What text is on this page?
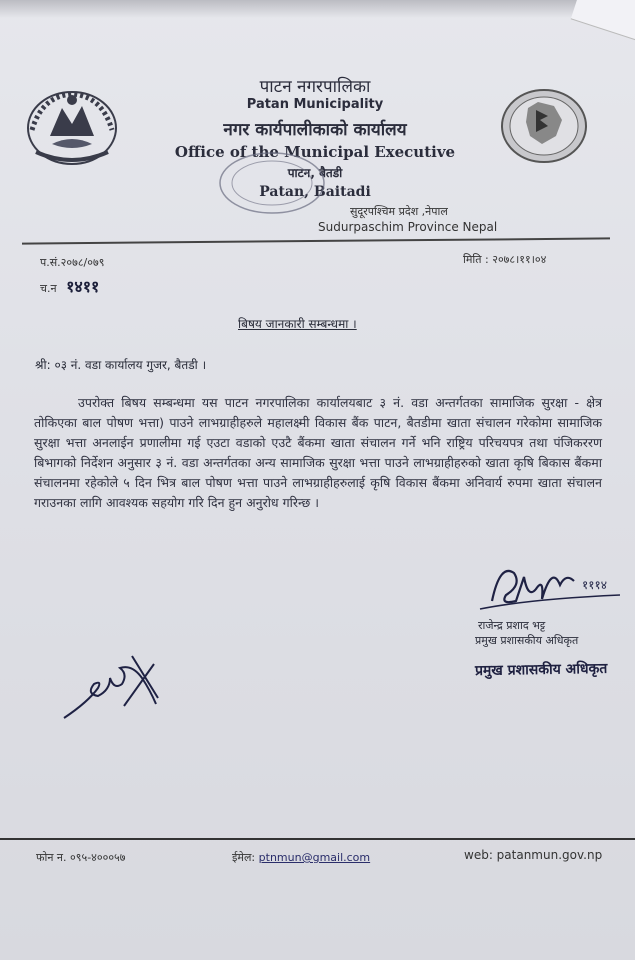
पाटन नगरपालिका
Patan Municipality
नगर कार्यपालीकाको कार्यालय
Office of the Municipal Executive
पाटन, बैतडी
Patan, Baitadi
सुदूरपश्चिम प्रदेश ,नेपाल
Sudurpaschim Province Nepal
प.सं.२०७८/०७९
च.न १४११
मिति : २०७८।११।०४
बिषय जानकारी सम्बन्धमा ।
श्री: ०३ नं. वडा कार्यालय गुजर, बैतडी ।
उपरोक्त बिषय सम्बन्धमा यस पाटन नगरपालिका कार्यालयबाट ३ नं. वडा अन्तर्गतका सामाजिक सुरक्षा - क्षेत्र तोकिएका बाल पोषण भत्ता) पाउने लाभग्राहीहरुले महालक्ष्मी विकास बैंक पाटन, बैतडीमा खाता संचालन गरेकोमा सामाजिक सुरक्षा भत्ता अनलाईन प्रणालीमा गई एउटा वडाको एउटै बैंकमा खाता संचालन गर्ने भनि राष्ट्रिय परिचयपत्र तथा पंजिकररण बिभागको निर्देशन अनुसार ३ नं. वडा अन्तर्गतका अन्य सामाजिक सुरक्षा भत्ता पाउने लाभग्राहीहरुको खाता कृषि बिकास बैंकमा संचालनमा रहेकोले ५ दिन भित्र बाल पोषण भत्ता पाउने लाभग्राहीहरुलाई कृषि विकास बैंकमा अनिवार्य रुपमा खाता संचालन गराउनका लागि आवश्यक सहयोग गरि दिन हुन अनुरोध गरिन्छ ।
१११४
राजेन्द्र प्रशाद भट्ट
प्रमुख प्रशासकीय अधिकृत
प्रमुख प्रशासकीय अधिकृत
फोन न. ०९५-४०००५७	ईमेल: ptnmun@gmail.com	web: patanmun.gov.np
